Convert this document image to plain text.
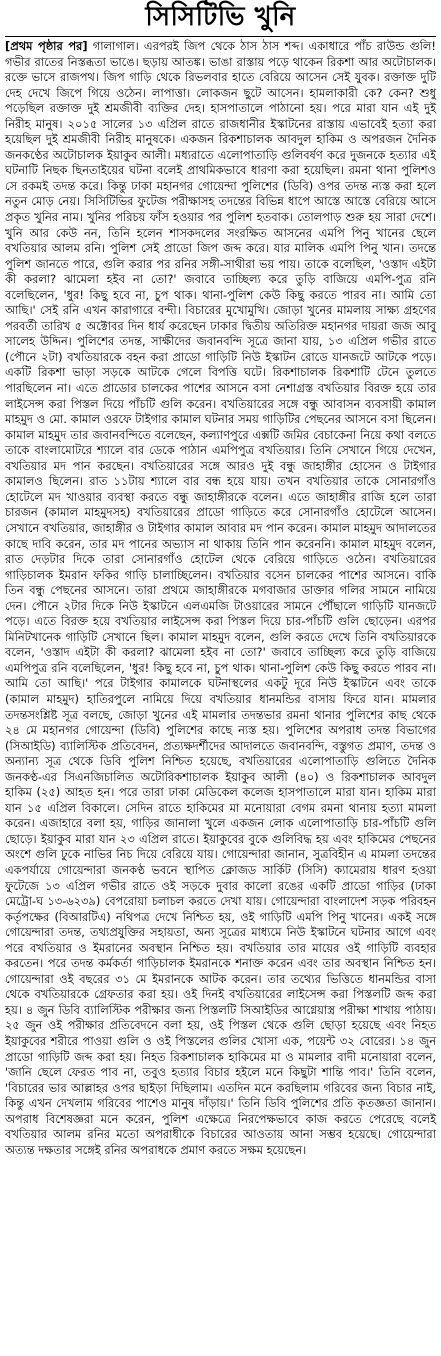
সিসিটিভি খুনি

[প্রথম পৃষ্ঠার পর] গালাগাল। এরপরই জিপ থেকে ঠাস ঠাস শব্দ। একাধারে পাঁচ রাউন্ড গুলি! গভীর রাতের নিস্তব্ধতা ভাঙে। ছড়ায় আতঙ্ক। ভাঙা রাস্তায় পড়ে থাকেন রিকশা আর অটোচালক। রক্তে ভাসে রাজপথ। জিপ গাড়ি থেকে রিভলবার হাতে বেরিয়ে আসেন সেই যুবক। রক্তাক্ত দুটি দেহ দেখে জিপে গিয়ে ওঠেন। লাপাত্তা। লোকজন ছুটে আসেন। হামলাকারী কে? কেন? শুধু পড়েছিল রক্তাক্ত দুই শ্রমজীবী ব্যক্তির দেহ। হাসপাতালে পাঠানো হয়। পরে মারা যান এই দুই নিরীহ মানুষ। ২০১৫ সালের ১৩ এপ্রিল রাতে রাজধানীর ইস্কাটনের রাস্তায় এভাবেই হত্যা করা হয়েছিল দুই শ্রমজীবী নিরীহ মানুষকে। একজন রিকশাচালক আবদুল হাকিম ও অপরজন দৈনিক জনকণ্ঠের অটোচালক ইয়াকুব আলী। মধ্যরাতে এলোপাতাড়ি গুলিবর্ষণ করে দুজনকে হত্যার এই ঘটনাটি নিছক ছিনতাইয়ের ঘটনা বলেই প্রাথমিকভাবে ধারণা করা হয়েছিল। রমনা থানা পুলিশও সে রকমই তদন্ত করে। কিন্তু ঢাকা মহানগর গোয়েন্দা পুলিশের (ডিবি) ওপর তদন্ত ন্যস্ত করা হলে নতুন মোড় নেয়। সিসিটিভির ফুটেজ পরীক্ষাসহ তদন্তের বিভিন্ন ধাপে আস্তে আস্তে বেরিয়ে আসে প্রকৃত খুনির নাম। খুনির পরিচয় ফাঁস হওয়ার পর পুলিশ হতবাক। তোলপাড় শুরু হয় সারা দেশে। খুনি আর কেউ নন, তিনি হলেন শাসকদলের সংরক্ষিত আসনের এমপি পিনু খানের ছেলে বখতিয়ার আলম রনি। পুলিশ সেই প্রাডো জিপ জব্দ করে। যার মালিক এমপি পিনু খান। তদন্তে পুলিশ জানতে পারে, গুলি করার পর রনির সঙ্গী-সাথীরা ভয় পায়। তাকে বলেছিল, 'ওস্তাদ এইটা কী করলা? ঝামেলা হইব না তো?' জবাবে তাচ্ছিল্য করে তুড়ি বাজিয়ে এমপি-পুত্র রনি বলেছিলেন, 'ধুর! কিছু হবে না, চুপ থাক। থানা-পুলিশ কেউ কিছু করতে পারব না। আমি তো আছি।' সেই রনি এখন কারাগারে বন্দী। বিচারের মুখোমুখি। জোড়া খুনের মামলায় সাক্ষ্য গ্রহণের পরবর্তী তারিখ ৫ অক্টোবর দিন ধার্য করেছেন ঢাকার দ্বিতীয় অতিরিক্ত মহানগর দায়রা জজ আবু সালেহ উদ্দিন। পুলিশের তদন্ত, সাক্ষীদের জবানবন্দি সূত্রে জানা যায়, ১৩ এপ্রিল গভীর রাতে (পৌনে ২টা) বখতিয়ারকে বহন করা প্রাডো গাড়িটি নিউ ইস্কাটন রোডে যানজটে আটকে পড়ে। একটি রিকশা ভাড়া সড়কে আটকে গেলে বিপত্তি ঘটে। রিকশাচালক রিকশাটি টেনে তুলতে পারছিলেন না। এতে প্রাডোর চালকের পাশের আসনে বসা নেশাগ্রস্ত বখতিয়ার বিরক্ত হয়ে তার লাইসেন্স করা পিস্তল দিয়ে পাঁচটি গুলি করেন। বখতিয়ারের সঙ্গে বন্ধু আবাসন ব্যবসায়ী কামাল মাহমুদ ও মো. কামাল ওরফে টাইগার কামাল ঘটনার সময় গাড়িটির পেছনের আসনে বসা ছিলেন। কামাল মাহমুদ তার জবানবন্দিতে বলেছেন, কল্যাণপুরে এক্সটি জমির বেচাকেনা নিয়ে কথা বলতে তাকে বাংলামোটরে শ্যালে বার ডেকে পাঠান এমপিপুত্র বখতিয়ার। তিনি সেখানে গিয়ে দেখেন, বখতিয়ার মদ পান করছেন। বখতিয়ারের সঙ্গে আরও দুই বন্ধু জাহাঙ্গীর হোসেন ও টাইগার কামালও ছিলেন। রাত ১১টায় শ্যালে বার বন্ধ হয়ে যায়। তখন বখতিয়ার তাকে সোনারগাঁও হোটেলে মদ খাওয়ার ব্যবস্থা করতে বন্ধু জাহাঙ্গীরকে বলেন। এতে জাহাঙ্গীর রাজি হলে তারা চারজন (কামাল মাহমুদসহ) বখতিয়ারের প্রাডো গাড়িতে করে সোনারগাঁও হোটেলে আসেন। সেখানে বখতিয়ার, জাহাঙ্গীর ও টাইগার কামাল আবার মদ পান করেন। কামাল মাহমুদ আদালতের কাছে দাবি করেন, তার মদ পানের অভ্যাস না থাকায় তিনি পান করেননি। কামাল মাহমুদ বলেন, রাত দেড়টার দিকে তারা সোনারগাঁও হোটেল থেকে বেরিয়ে গাড়িতে ওঠেন। বখতিয়ারের গাড়িচালক ইমরান ফকির গাড়ি চালাচ্ছিলেন। বখতিয়ার বসেন চালকের পাশের আসনে। বাকি তিন বন্ধু পেছনের আসনে। তারা প্রথমে জাহাঙ্গীরকে মগবাজার ডাক্তার গলির সামনে নামিয়ে দেন। পৌনে ২টার দিকে নিউ ইস্কাটনে এলএমজি টাওয়ারের সামনে পৌঁছালে গাড়িটি যানজটে পড়ে। এতে বিরক্ত হয়ে বখতিয়ার লাইসেন্স করা পিস্তল দিয়ে চার-পাঁচটি গুলি ছোড়েন। এরপর মিনিটখানেক গাড়িটি সেখানে ছিল। কামাল মাহমুদ বলেন, গুলি করতে দেখে তিনি বখতিয়ারকে বলেন, 'ওস্তাদ এইটা কী করলা? ঝামেলা হইব না তো?' জবাবে তাচ্ছিল্য করে তুড়ি বাজিয়ে এমপিপুত্র রনি বলেছিলেন, 'ধুর! কিছু হবে না, চুপ থাক। থানা-পুলিশ কেউ কিছু করতে পারব না। আমি তো আছি।' পরে টাইগার কামালকে ঘটনাস্থলের একটু দূরে নিউ ইস্কাটনে এবং তাকে (কামাল মাহমুদ) হাতিরপুলে নামিয়ে দিয়ে বখতিয়ার ধানমন্ডির বাসায় ফিরে যান। মামলার তদন্তসংশ্লিষ্ট সূত্র বলছে, জোড়া খুনের এই মামলার তদন্তভার রমনা থানার পুলিশের কাছ থেকে ২৪ মে মহানগর গোয়েন্দা (ডিবি) পুলিশের কাছে ন্যস্ত হয়। পুলিশের অপরাধ তদন্ত বিভাগের (সিআইডি) ব্যালিস্টিক প্রতিবেদন, প্রত্যক্ষদর্শীদের আদালতে জবানবন্দি, বস্তুগত প্রমাণ, তদন্ত ও অন্যান্য সূত্র থেকে ডিবি পুলিশ নিশ্চিত হয়েছে, বখতিয়ারের এলোপাতাড়ি গুলিতে দৈনিক জনকণ্ঠ-এর সিএনজিচালিত অটোরিকশাচালক ইয়াকুব আলী (৪০) ও রিকশাচালক আবদুল হাকিম (২৫) আহত হন। পরে তারা ঢাকা মেডিকেল কলেজ হাসপাতালে মারা যান। হাকিম মারা যান ১৫ এপ্রিল বিকালে। সেদিন রাতে হাকিমের মা মনোয়ারা বেগম রমনা থানায় হত্যা মামলা করেন। এজাহারে বলা হয়, গাড়ির জানালা খুলে একজন লোক এলোপাতাড়ি চার-পাঁচটি গুলি ছোড়ে। ইয়াকুব মারা যান ২৩ এপ্রিল রাতে। ইয়াকুবের বুকে গুলিবিদ্ধ হয় এবং হাকিমের পেছনের অংশে গুলি ঢুকে নাভির নিচ দিয়ে বেরিয়ে যায়। গোয়েন্দারা জানান, সুত্রবিহীন এ মামলা তদন্তের একপর্যায়ে গোয়েন্দারা জনকণ্ঠ ভবনে স্থাপিত ক্লোজড সার্কিট (সিসি) ক্যামেরায় ধারণ হওয়া ফুটেজে ১৩ এপ্রিল গভীর রাতে ওই সড়কে দুবার কালো রঙের একটি প্রাডো গাড়ির (ঢাকা মেট্রো-ঘ ১৩-৬২৩৯) বেপরোয়া চলাচল করতে দেখা যায়। গোয়েন্দারা বাংলাদেশ সড়ক পরিবহন কর্তৃপক্ষের (বিআরটিএ) নথিপত্র দেখে নিশ্চিত হয়, ওই গাড়িটি এমপি পিনু খানের। একই সঙ্গে গোয়েন্দারা তদন্ত, তথ্যপ্রযুক্তির সহায়তা, অন্য সূত্রের মাধ্যমে নিউ ইস্কাটনে ঘটনার আগে এবং পরে বখতিয়ার ও ইমরানের অবস্থান নিশ্চিত হয়। বখতিয়ার তার মায়ের ওই গাড়িটি ব্যবহার করতেন। পরে তদন্ত কর্মকর্তা গাড়িচালক ইমরানকে শনাক্ত করেন এবং তার অবস্থান নিশ্চিত হন। গোয়েন্দারা ওই বছরের ৩১ মে ইমরানকে আটক করেন। তার তথ্যের ভিত্তিতে ধানমন্ডির বাসা থেকে বখতিয়ারকে গ্রেফতার করা হয়। ওই দিনই বখতিয়ারের লাইসেন্স করা পিস্তলটি জব্দ করা হয়। ৪ জুন ডিবি ব্যালিস্টিক পরীক্ষার জন্য পিস্তলটি সিআইডির আগ্নেয়াস্ত্র পরীক্ষা শাখায় পাঠায়। ২৫ জুন ওই পরীক্ষার প্রতিবেদনে বলা হয়, ওই পিস্তল থেকে গুলি ছোড়া হয়েছে এবং নিহত ইয়াকুবের শরীরে পাওয়া গুলি ও ওই পিস্তলের গুলির খোসা এক, পয়েন্ট ৩২ বোরের। ১৪ জুন প্রাডো গাড়িটি জব্দ করা হয়। নিহত রিকশাচালক হাকিমের মা ও মামলার বাদী মনোয়ারা বলেন, 'জানি ছেলে ফেরত পাব না, তবুও হত্যার বিচার হইলে মনে কিছুটা শান্তি পাব।' তিনি বলেন, 'বিচারের ভার আল্লাহর ওপর ছাইড়া দিছিলাম। এতদিন মনে করছিলাম গরিবের জন্য বিচার নাই, কিন্তু এখন দেখলাম গরিবের পাশেও মানুষ দাঁড়ায়।' তিনি ডিবি পুলিশের প্রতি কৃতজ্ঞতা জানান। অপরাধ বিশেষজ্ঞরা মনে করেন, পুলিশ এক্ষেত্রে নিরপেক্ষভাবে কাজ করতে পেরেছে বলেই বখতিয়ার আলম রনির মতো অপরাধীকে বিচারের আওতায় আনা সম্ভব হয়েছে। গোয়েন্দারা অত্যন্ত দক্ষতার সঙ্গেই রনির অপরাধকে প্রমাণ করতে সক্ষম হয়েছেন।
